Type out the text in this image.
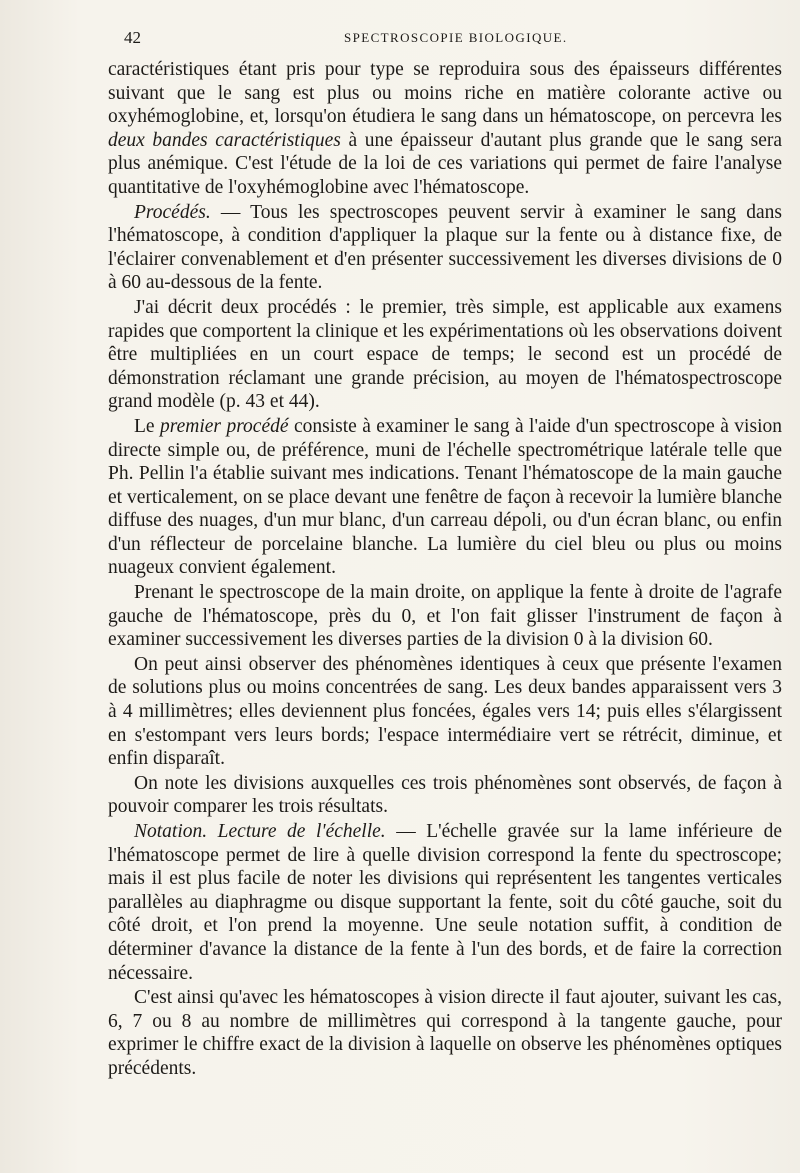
42	SPECTROSCOPIE BIOLOGIQUE.

caractéristiques étant pris pour type se reproduira sous des épaisseurs différentes suivant que le sang est plus ou moins riche en matière colorante active ou oxyhémoglobine, et, lorsqu'on étudiera le sang dans un hématoscope, on percevra les deux bandes caractéristiques à une épaisseur d'autant plus grande que le sang sera plus anémique. C'est l'étude de la loi de ces variations qui permet de faire l'analyse quantitative de l'oxyhémoglobine avec l'hématoscope.

Procédés. — Tous les spectroscopes peuvent servir à examiner le sang dans l'hématoscope, à condition d'appliquer la plaque sur la fente ou à distance fixe, de l'éclairer convenablement et d'en présenter successivement les diverses divisions de 0 à 60 au-dessous de la fente.

J'ai décrit deux procédés : le premier, très simple, est applicable aux examens rapides que comportent la clinique et les expérimentations où les observations doivent être multipliées en un court espace de temps; le second est un procédé de démonstration réclamant une grande précision, au moyen de l'hématospectroscope grand modèle (p. 43 et 44).

Le premier procédé consiste à examiner le sang à l'aide d'un spectroscope à vision directe simple ou, de préférence, muni de l'échelle spectrométrique latérale telle que Ph. Pellin l'a établie suivant mes indications. Tenant l'hématoscope de la main gauche et verticalement, on se place devant une fenêtre de façon à recevoir la lumière blanche diffuse des nuages, d'un mur blanc, d'un carreau dépoli, ou d'un écran blanc, ou enfin d'un réflecteur de porcelaine blanche. La lumière du ciel bleu ou plus ou moins nuageux convient également.

Prenant le spectroscope de la main droite, on applique la fente à droite de l'agrafe gauche de l'hématoscope, près du 0, et l'on fait glisser l'instrument de façon à examiner successivement les diverses parties de la division 0 à la division 60.

On peut ainsi observer des phénomènes identiques à ceux que présente l'examen de solutions plus ou moins concentrées de sang. Les deux bandes apparaissent vers 3 à 4 millimètres; elles deviennent plus foncées, égales vers 14; puis elles s'élargissent en s'estompant vers leurs bords; l'espace intermédiaire vert se rétrécit, diminue, et enfin disparaît.

On note les divisions auxquelles ces trois phénomènes sont observés, de façon à pouvoir comparer les trois résultats.

Notation. Lecture de l'échelle. — L'échelle gravée sur la lame inférieure de l'hématoscope permet de lire à quelle division correspond la fente du spectroscope; mais il est plus facile de noter les divisions qui représentent les tangentes verticales parallèles au diaphragme ou disque supportant la fente, soit du côté gauche, soit du côté droit, et l'on prend la moyenne. Une seule notation suffit, à condition de déterminer d'avance la distance de la fente à l'un des bords, et de faire la correction nécessaire.

C'est ainsi qu'avec les hématoscopes à vision directe il faut ajouter, suivant les cas, 6, 7 ou 8 au nombre de millimètres qui correspond à la tangente gauche, pour exprimer le chiffre exact de la division à laquelle on observe les phénomènes optiques précédents.
